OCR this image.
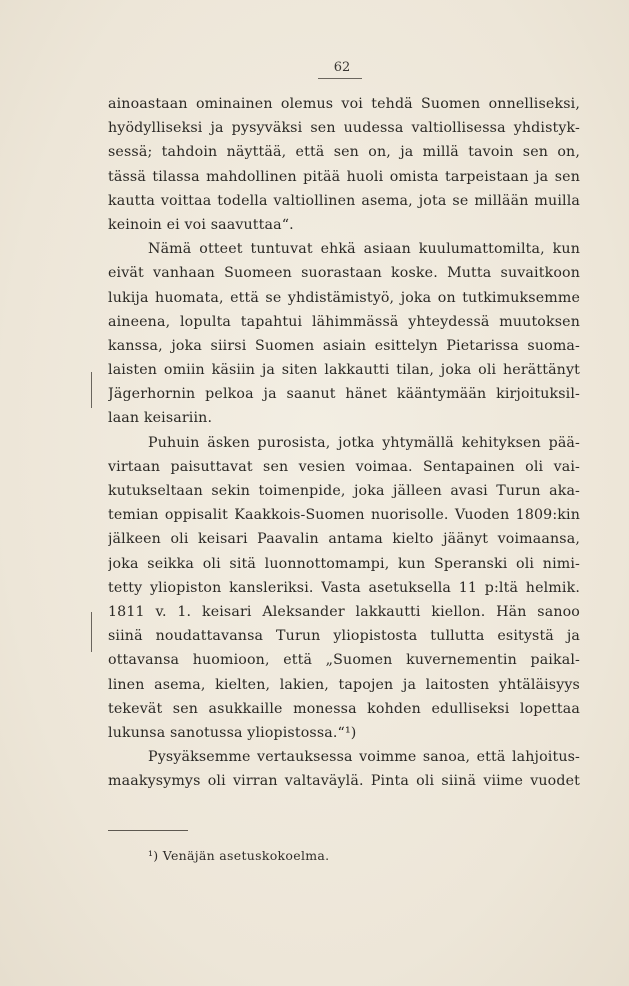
62
ainoastaan ominainen olemus voi tehdä Suomen onnelliseksi,
hyödylliseksi ja pysyväksi sen uudessa valtiollisessa yhdistyk-
sessä; tahdoin näyttää, että sen on, ja millä tavoin sen on,
tässä tilassa mahdollinen pitää huoli omista tarpeistaan ja sen
kautta voittaa todella valtiollinen asema, jota se millään muilla
keinoin ei voi saavuttaa“.
Nämä otteet tuntuvat ehkä asiaan kuulumattomilta, kun
eivät vanhaan Suomeen suorastaan koske. Mutta suvaitkoon
lukija huomata, että se yhdistämistyö, joka on tutkimuksemme
aineena, lopulta tapahtui lähimmässä yhteydessä muutoksen
kanssa, joka siirsi Suomen asiain esittelyn Pietarissa suoma-
laisten omiin käsiin ja siten lakkautti tilan, joka oli herättänyt
Jägerhornin pelkoa ja saanut hänet kääntymään kirjoituksil-
laan keisariin.
Puhuin äsken purosista, jotka yhtymällä kehityksen pää-
virtaan paisuttavat sen vesien voimaa. Sentapainen oli vai-
kutukseltaan sekin toimenpide, joka jälleen avasi Turun aka-
temian oppisalit Kaakkois-Suomen nuorisolle. Vuoden 1809:kin
jälkeen oli keisari Paavalin antama kielto jäänyt voimaansa,
joka seikka oli sitä luonnottomampi, kun Speranski oli nimi-
tetty yliopiston kansleriksi. Vasta asetuksella 11 p:ltä helmik.
1811 v. 1. keisari Aleksander lakkautti kiellon. Hän sanoo
siinä noudattavansa Turun yliopistosta tullutta esitystä ja
ottavansa huomioon, että „Suomen kuvernementin paikal-
linen asema, kielten, lakien, tapojen ja laitosten yhtäläisyys
tekevät sen asukkaille monessa kohden edulliseksi lopettaa
lukunsa sanotussa yliopistossa.“¹)
Pysyäksemme vertauksessa voimme sanoa, että lahjoitus-
maakysymys oli virran valtaväylä. Pinta oli siinä viime vuodet
¹) Venäjän asetuskokoelma.
